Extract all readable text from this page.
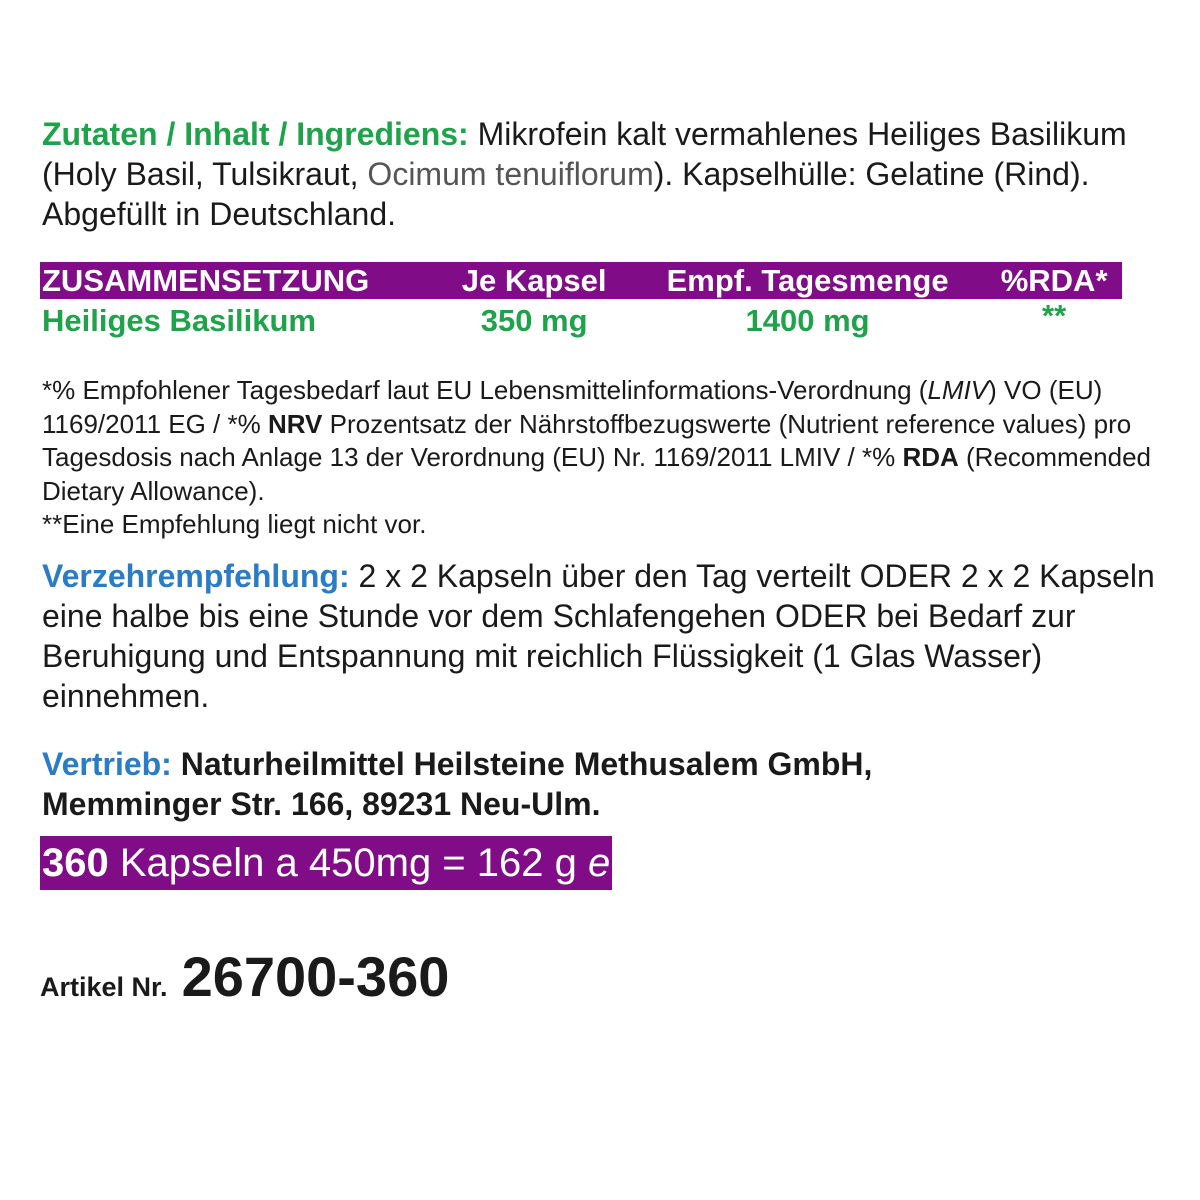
Zutaten / Inhalt / Ingrediens: Mikrofein kalt vermahlenes Heiliges Basilikum (Holy Basil, Tulsikraut, Ocimum tenuiflorum). Kapselhülle: Gelatine (Rind). Abgefüllt in Deutschland.

ZUSAMMENSETZUNG	Je Kapsel	Empf. Tagesmenge	%RDA*
Heiliges Basilikum	350 mg	1400 mg	**

*% Empfohlener Tagesbedarf laut EU Lebensmittelinformations-Verordnung (LMIV) VO (EU) 1169/2011 EG / *% NRV Prozentsatz der Nährstoffbezugswerte (Nutrient reference values) pro Tagesdosis nach Anlage 13 der Verordnung (EU) Nr. 1169/2011 LMIV / *% RDA (Recommended Dietary Allowance).
**Eine Empfehlung liegt nicht vor.

Verzehrempfehlung: 2 x 2 Kapseln über den Tag verteilt ODER 2 x 2 Kapseln eine halbe bis eine Stunde vor dem Schlafengehen ODER bei Bedarf zur Beruhigung und Entspannung mit reichlich Flüssigkeit (1 Glas Wasser) einnehmen.

Vertrieb: Naturheilmittel Heilsteine Methusalem GmbH,
Memminger Str. 166, 89231 Neu-Ulm.

360 Kapseln a 450mg = 162 g e
Artikel Nr. 26700-360
